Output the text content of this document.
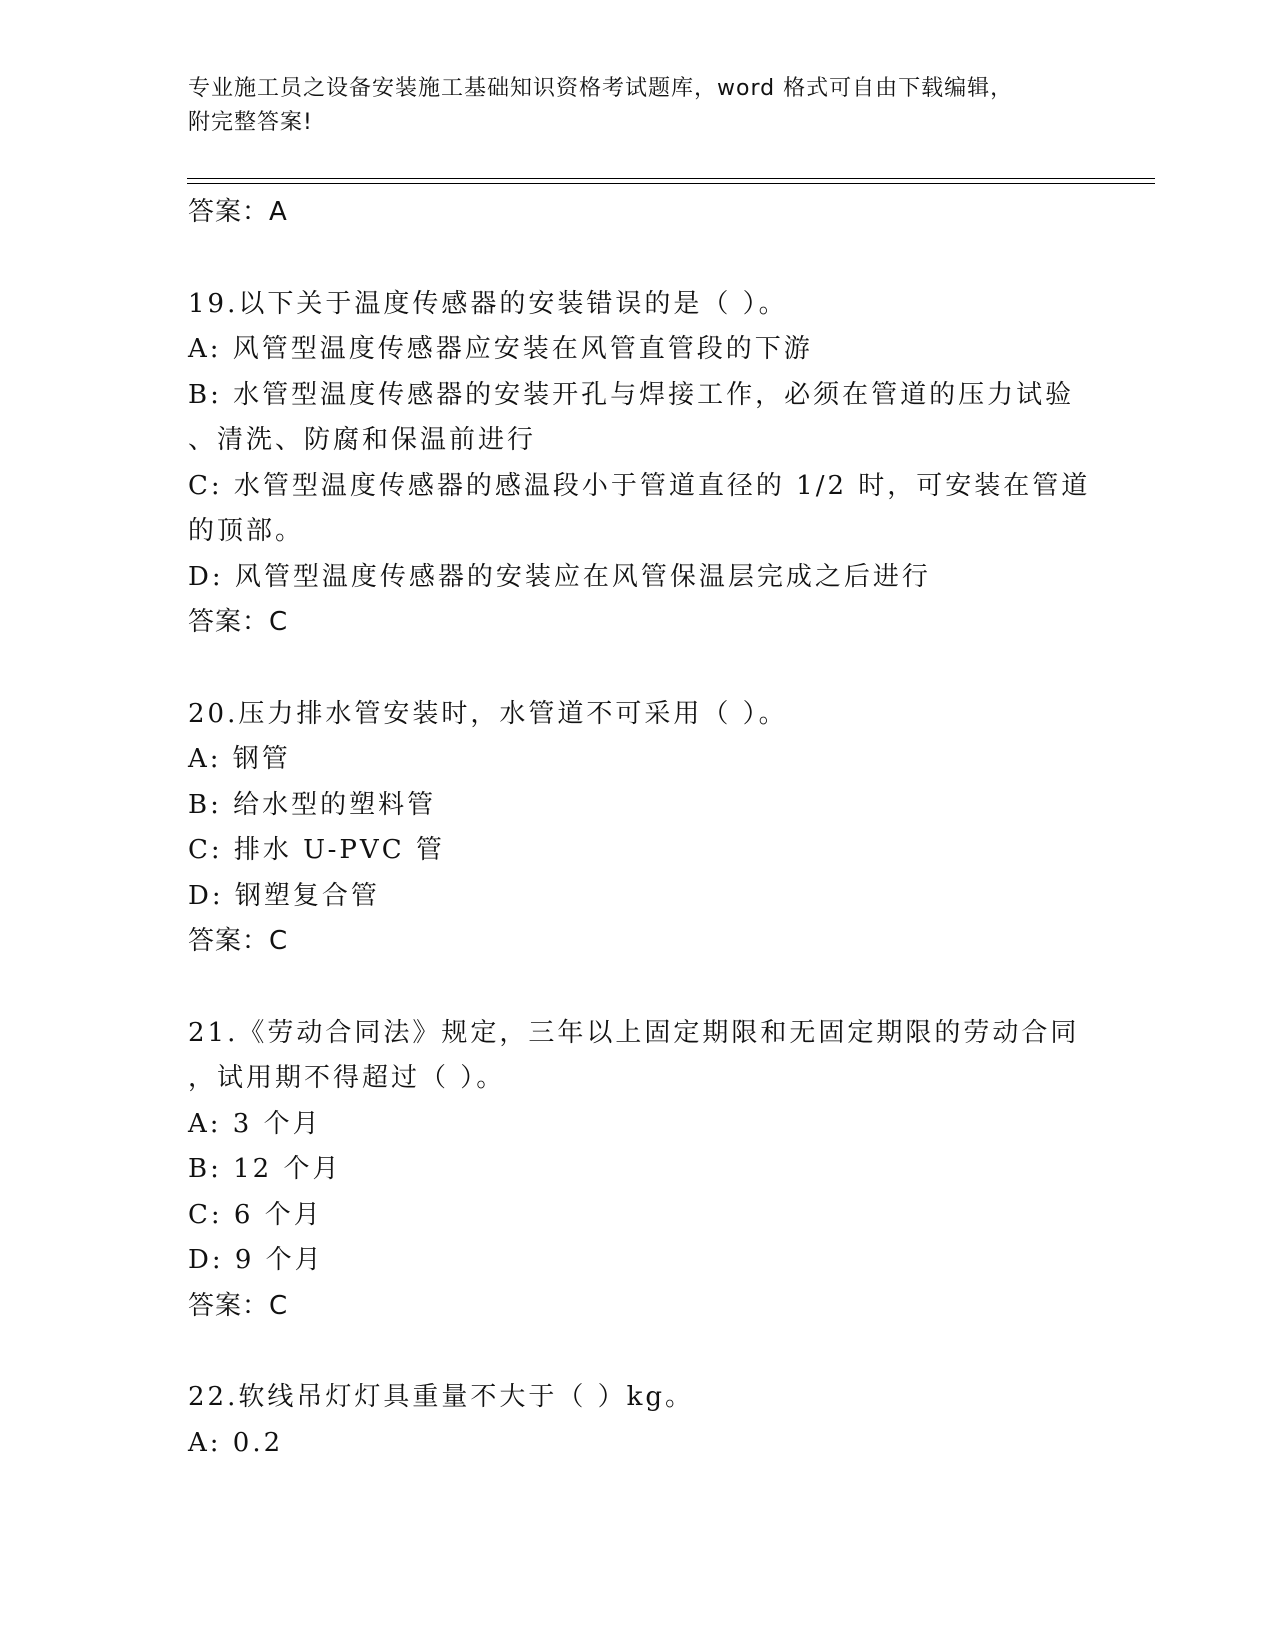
专业施工员之设备安装施工基础知识资格考试题库，word 格式可自由下载编辑，
附完整答案!
答案：A
19.以下关于温度传感器的安装错误的是（ ）。
A: 风管型温度传感器应安装在风管直管段的下游
B: 水管型温度传感器的安装开孔与焊接工作，必须在管道的压力试验
、清洗、防腐和保温前进行
C: 水管型温度传感器的感温段小于管道直径的 1/2 时，可安装在管道
的顶部。
D: 风管型温度传感器的安装应在风管保温层完成之后进行
答案：C
20.压力排水管安装时，水管道不可采用（ ）。
A: 钢管
B: 给水型的塑料管
C: 排水 U-PVC 管
D: 钢塑复合管
答案：C
21.《劳动合同法》规定，三年以上固定期限和无固定期限的劳动合同
，试用期不得超过（ ）。
A: 3 个月
B: 12 个月
C: 6 个月
D: 9 个月
答案：C
22.软线吊灯灯具重量不大于（ ）kg。
A: 0.2
